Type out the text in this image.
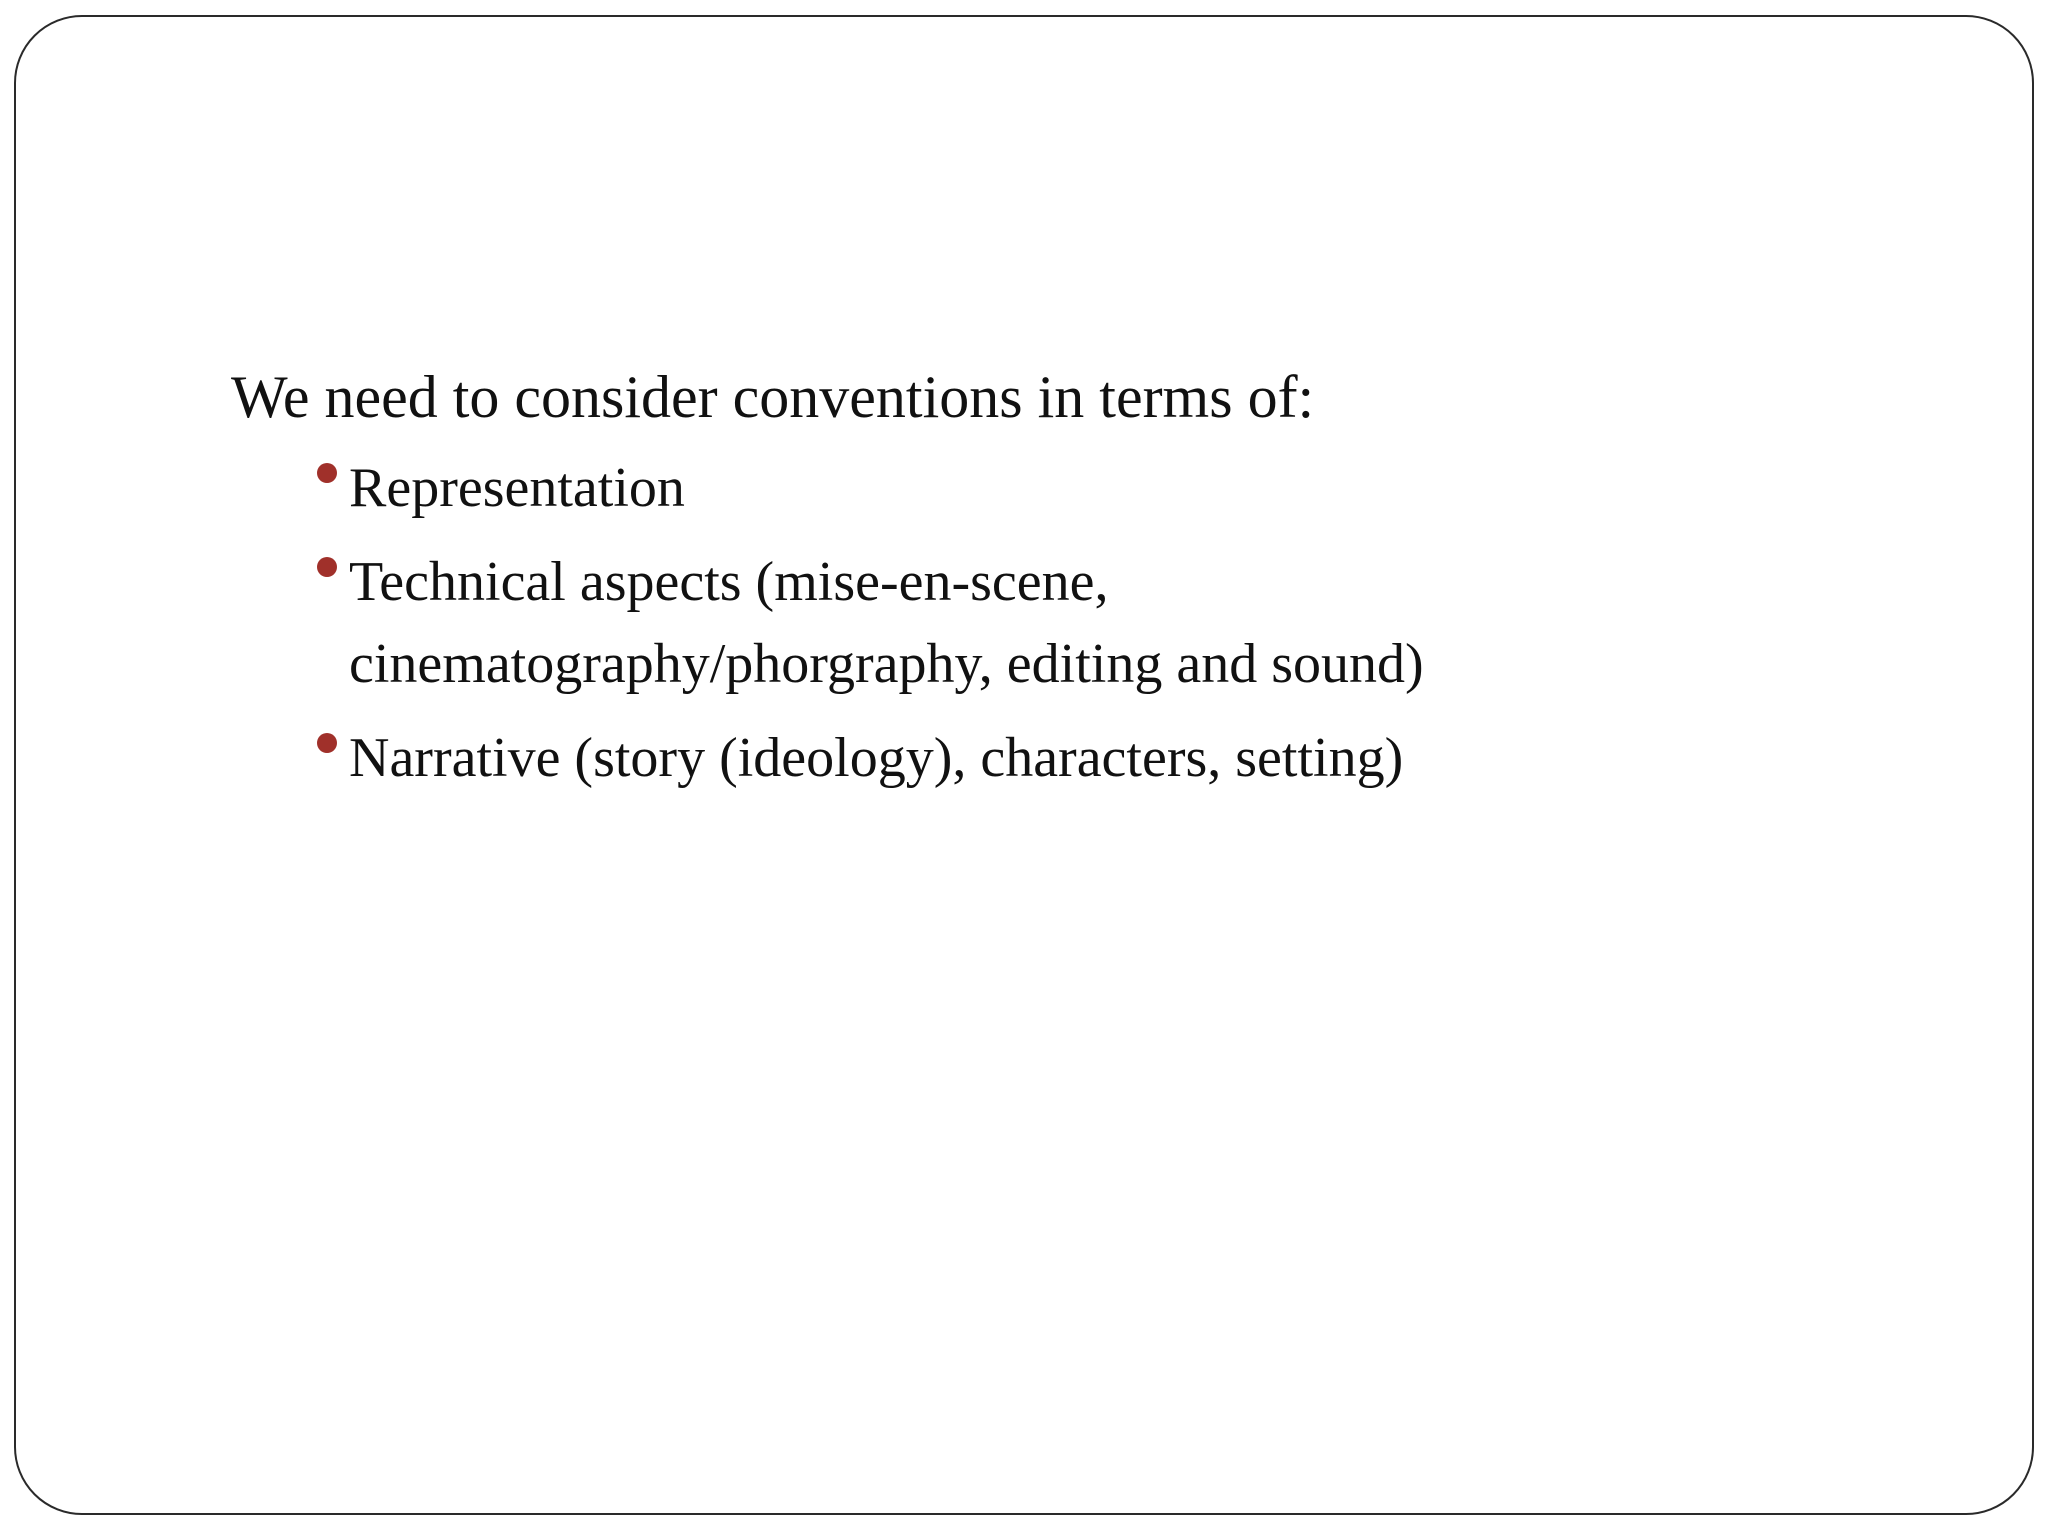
We need to consider conventions in terms of:

Representation
Technical aspects (mise-en-scene,
cinematography/phorgraphy, editing and sound)
Narrative (story (ideology), characters, setting)
